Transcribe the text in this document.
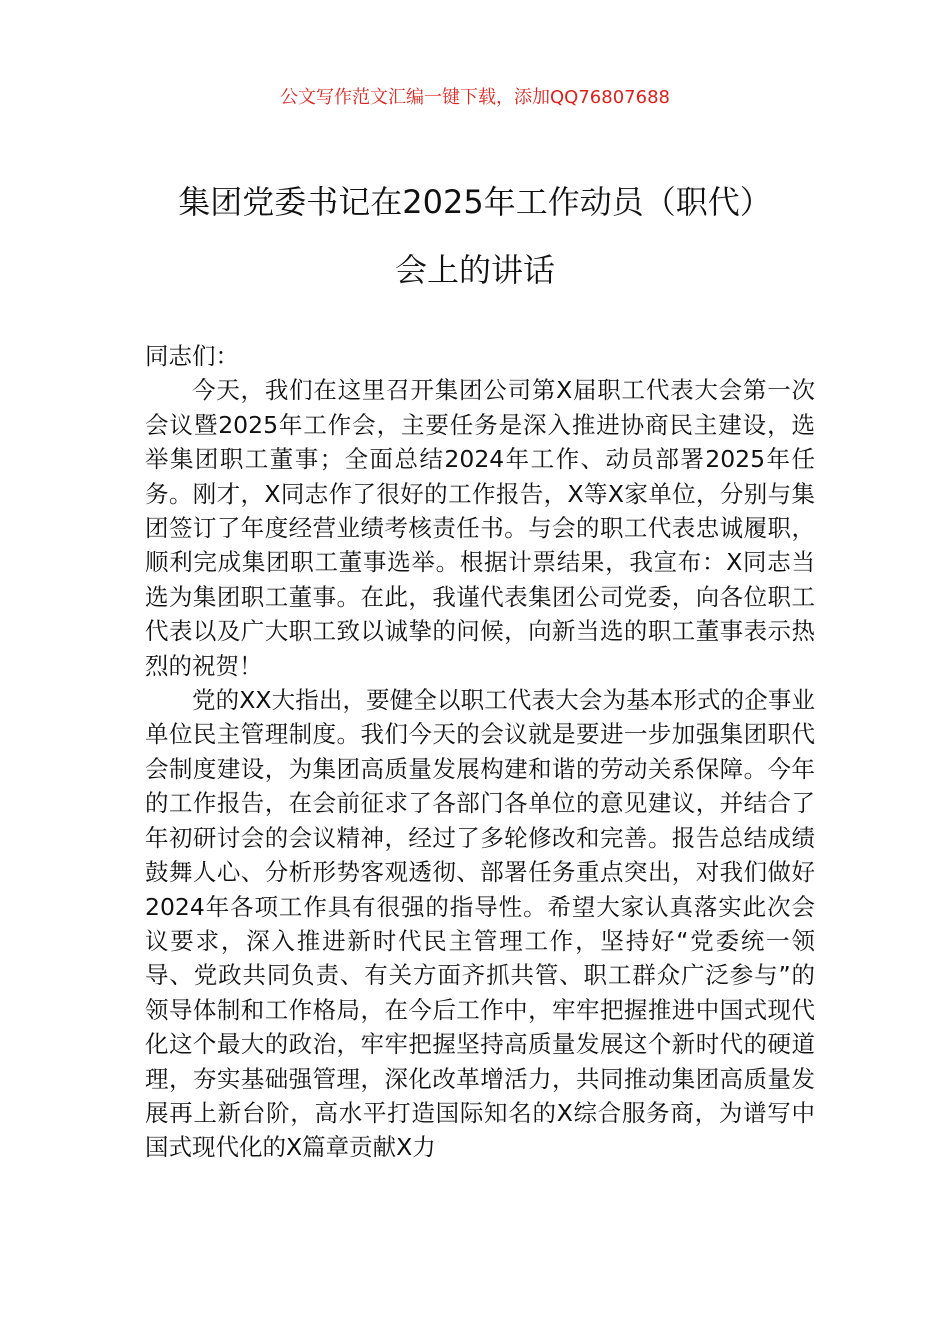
公文写作范文汇编一键下载，添加QQ76807688
集团党委书记在2025年工作动员（职代）
会上的讲话

同志们：

今天，我们在这里召开集团公司第X届职工代表大会第一次会议暨2025年工作会，主要任务是深入推进协商民主建设，选举集团职工董事；全面总结2024年工作、动员部署2025年任务。刚才，X同志作了很好的工作报告，X等X家单位，分别与集团签订了年度经营业绩考核责任书。与会的职工代表忠诚履职，顺利完成集团职工董事选举。根据计票结果，我宣布：X同志当选为集团职工董事。在此，我谨代表集团公司党委，向各位职工代表以及广大职工致以诚挚的问候，向新当选的职工董事表示热烈的祝贺！

党的XX大指出，要健全以职工代表大会为基本形式的企事业单位民主管理制度。我们今天的会议就是要进一步加强集团职代会制度建设，为集团高质量发展构建和谐的劳动关系保障。今年的工作报告，在会前征求了各部门各单位的意见建议，并结合了年初研讨会的会议精神，经过了多轮修改和完善。报告总结成绩鼓舞人心、分析形势客观透彻、部署任务重点突出，对我们做好2024年各项工作具有很强的指导性。希望大家认真落实此次会议要求，深入推进新时代民主管理工作，坚持好“党委统一领导、党政共同负责、有关方面齐抓共管、职工群众广泛参与”的领导体制和工作格局，在今后工作中，牢牢把握推进中国式现代化这个最大的政治，牢牢把握坚持高质量发展这个新时代的硬道理，夯实基础强管理，深化改革增活力，共同推动集团高质量发展再上新台阶，高水平打造国际知名的X综合服务商，为谱写中国式现代化的X篇章贡献X力
